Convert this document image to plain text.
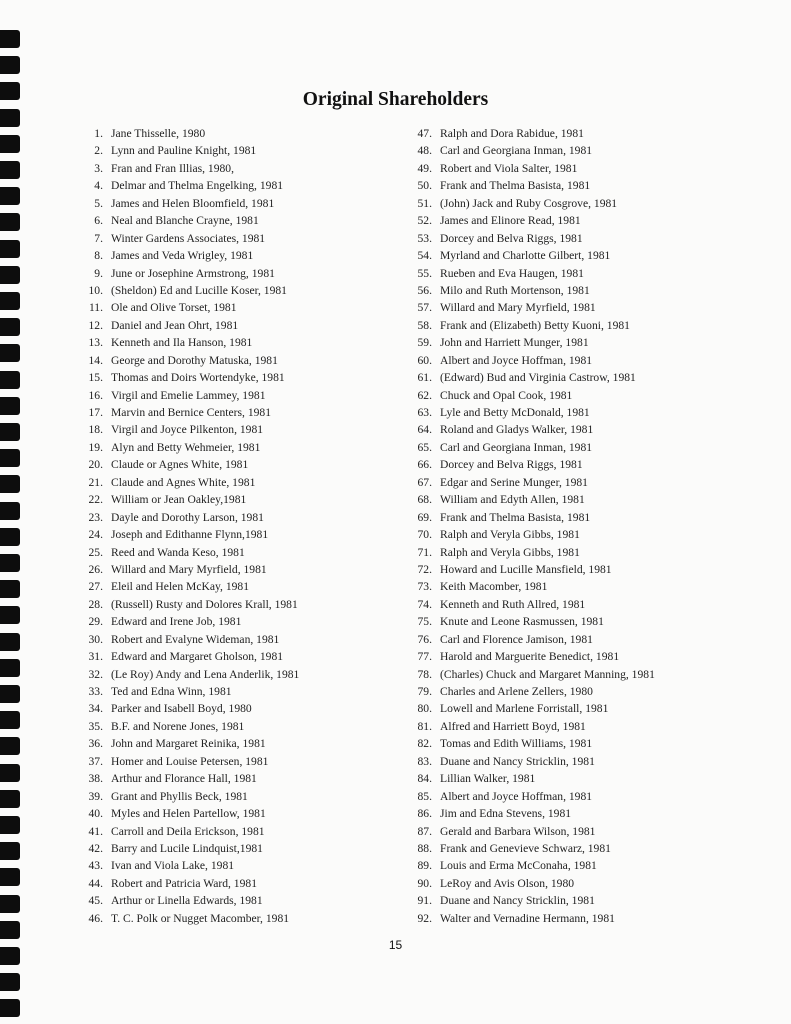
Original Shareholders
1. Jane Thisselle, 1980
2. Lynn and Pauline Knight, 1981
3. Fran and Fran Illias, 1980,
4. Delmar and Thelma Engelking, 1981
5. James and Helen Bloomfield, 1981
6. Neal and Blanche Crayne, 1981
7. Winter Gardens Associates, 1981
8. James and Veda Wrigley, 1981
9. June or Josephine Armstrong, 1981
10. (Sheldon) Ed and Lucille Koser, 1981
11. Ole and Olive Torset, 1981
12. Daniel and Jean Ohrt, 1981
13. Kenneth and Ila Hanson, 1981
14. George and Dorothy Matuska, 1981
15. Thomas and Doirs Wortendyke, 1981
16. Virgil and Emelie Lammey, 1981
17. Marvin and Bernice Centers, 1981
18. Virgil and Joyce Pilkenton, 1981
19. Alyn and Betty Wehmeier, 1981
20. Claude or Agnes White, 1981
21. Claude and Agnes White, 1981
22. William or Jean Oakley,1981
23. Dayle and Dorothy Larson, 1981
24. Joseph and Edithanne Flynn,1981
25. Reed and Wanda Keso, 1981
26. Willard and Mary Myrfield, 1981
27. Eleil and Helen McKay, 1981
28. (Russell) Rusty and Dolores Krall, 1981
29. Edward and Irene Job, 1981
30. Robert and Evalyne Wideman, 1981
31. Edward and Margaret Gholson, 1981
32. (Le Roy) Andy and Lena Anderlik, 1981
33. Ted and Edna Winn, 1981
34. Parker and Isabell Boyd, 1980
35. B.F. and Norene Jones, 1981
36. John and Margaret Reinika, 1981
37. Homer and Louise Petersen, 1981
38. Arthur and Florance Hall, 1981
39. Grant and Phyllis Beck, 1981
40. Myles and Helen Partellow, 1981
41. Carroll and Deila Erickson, 1981
42. Barry and Lucile Lindquist,1981
43. Ivan and Viola Lake, 1981
44. Robert and Patricia Ward, 1981
45. Arthur or Linella Edwards, 1981
46. T. C. Polk or Nugget Macomber, 1981
47. Ralph and Dora Rabidue, 1981
48. Carl and Georgiana Inman, 1981
49. Robert and Viola Salter, 1981
50. Frank and Thelma Basista, 1981
51. (John) Jack and Ruby Cosgrove, 1981
52. James and Elinore Read, 1981
53. Dorcey and Belva Riggs, 1981
54. Myrland and Charlotte Gilbert, 1981
55. Rueben and Eva Haugen, 1981
56. Milo and Ruth Mortenson, 1981
57. Willard and Mary Myrfield, 1981
58. Frank and (Elizabeth) Betty Kuoni, 1981
59. John and Harriett Munger, 1981
60. Albert and Joyce Hoffman, 1981
61. (Edward) Bud and Virginia Castrow, 1981
62. Chuck and Opal Cook, 1981
63. Lyle and Betty McDonald, 1981
64. Roland and Gladys Walker, 1981
65. Carl and Georgiana Inman, 1981
66. Dorcey and Belva Riggs, 1981
67. Edgar and Serine Munger, 1981
68. William and Edyth Allen, 1981
69. Frank and Thelma Basista, 1981
70. Ralph and Veryla Gibbs, 1981
71. Ralph and Veryla Gibbs, 1981
72. Howard and Lucille Mansfield, 1981
73. Keith Macomber, 1981
74. Kenneth and Ruth Allred, 1981
75. Knute and Leone Rasmussen, 1981
76. Carl and Florence Jamison, 1981
77. Harold and Marguerite Benedict, 1981
78. (Charles) Chuck and Margaret Manning, 1981
79. Charles and Arlene Zellers, 1980
80. Lowell and Marlene Forristall, 1981
81. Alfred and Harriett Boyd, 1981
82. Tomas and Edith Williams, 1981
83. Duane and Nancy Stricklin, 1981
84. Lillian Walker, 1981
85. Albert and Joyce Hoffman, 1981
86. Jim and Edna Stevens, 1981
87. Gerald and Barbara Wilson, 1981
88. Frank and Genevieve Schwarz, 1981
89. Louis and Erma McConaha, 1981
90. LeRoy and Avis Olson, 1980
91. Duane and Nancy Stricklin, 1981
92. Walter and Vernadine Hermann, 1981
15
